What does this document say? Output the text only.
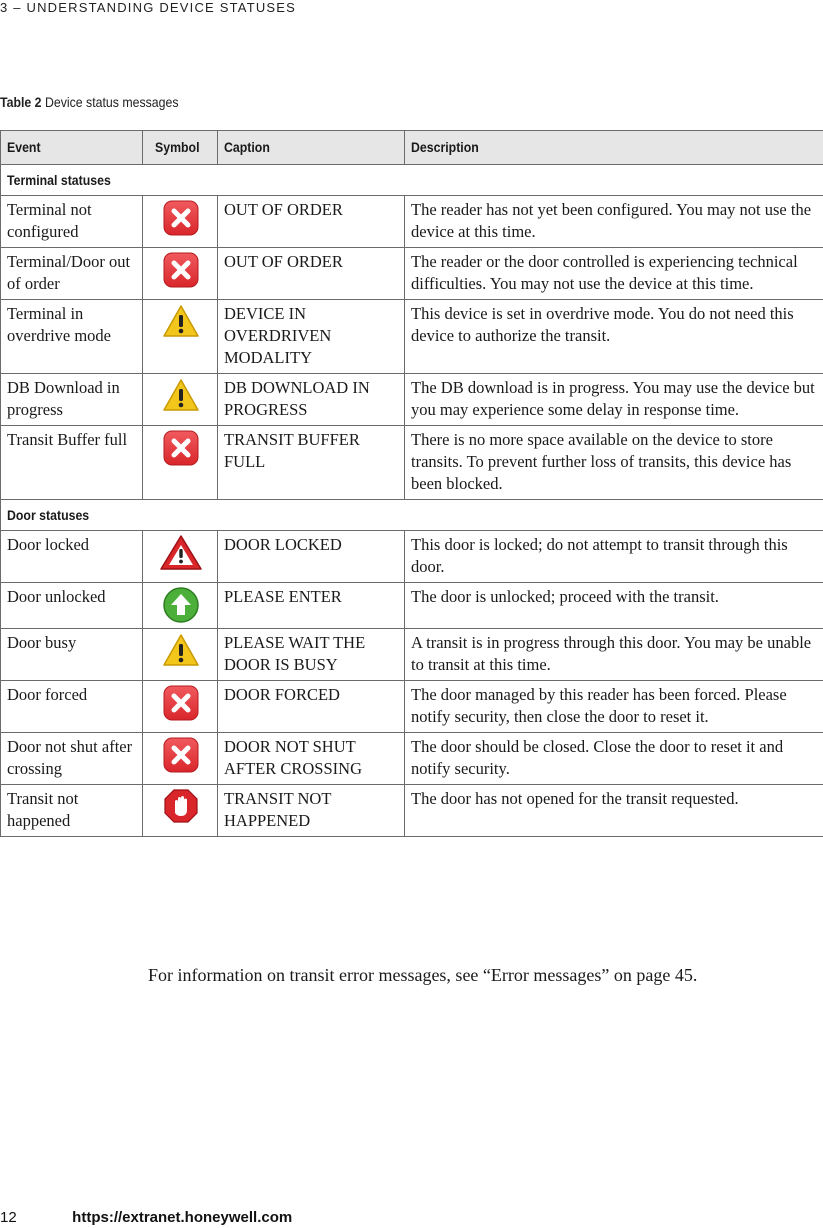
3 – UNDERSTANDING DEVICE STATUSES
Table 2 Device status messages
Event	Symbol	Caption	Description
Terminal statuses			
Terminal not configured		OUT OF ORDER	The reader has not yet been configured. You may not use the device at this time.
Terminal/Door out of order		OUT OF ORDER	The reader or the door controlled is experiencing technical difficulties. You may not use the device at this time.
Terminal in overdrive mode		DEVICE IN OVERDRIVEN MODALITY	This device is set in overdrive mode. You do not need this device to authorize the transit.
DB Download in progress		DB DOWNLOAD IN PROGRESS	The DB download is in progress. You may use the device but you may experience some delay in response time.
Transit Buffer full		TRANSIT BUFFER FULL	There is no more space available on the device to store transits. To prevent further loss of transits, this device has been blocked.
Door statuses			
Door locked		DOOR LOCKED	This door is locked; do not attempt to transit through this door.
Door unlocked		PLEASE ENTER	The door is unlocked; proceed with the transit.
Door busy		PLEASE WAIT THE DOOR IS BUSY	A transit is in progress through this door. You may be unable to transit at this time.
Door forced		DOOR FORCED	The door managed by this reader has been forced. Please notify security, then close the door to reset it.
Door not shut after crossing		DOOR NOT SHUT AFTER CROSSING	The door should be closed. Close the door to reset it and notify security.
Transit not happened		TRANSIT NOT HAPPENED	The door has not opened for the transit requested.
For information on transit error messages, see “Error messages” on page 45.
12	https://extranet.honeywell.com
